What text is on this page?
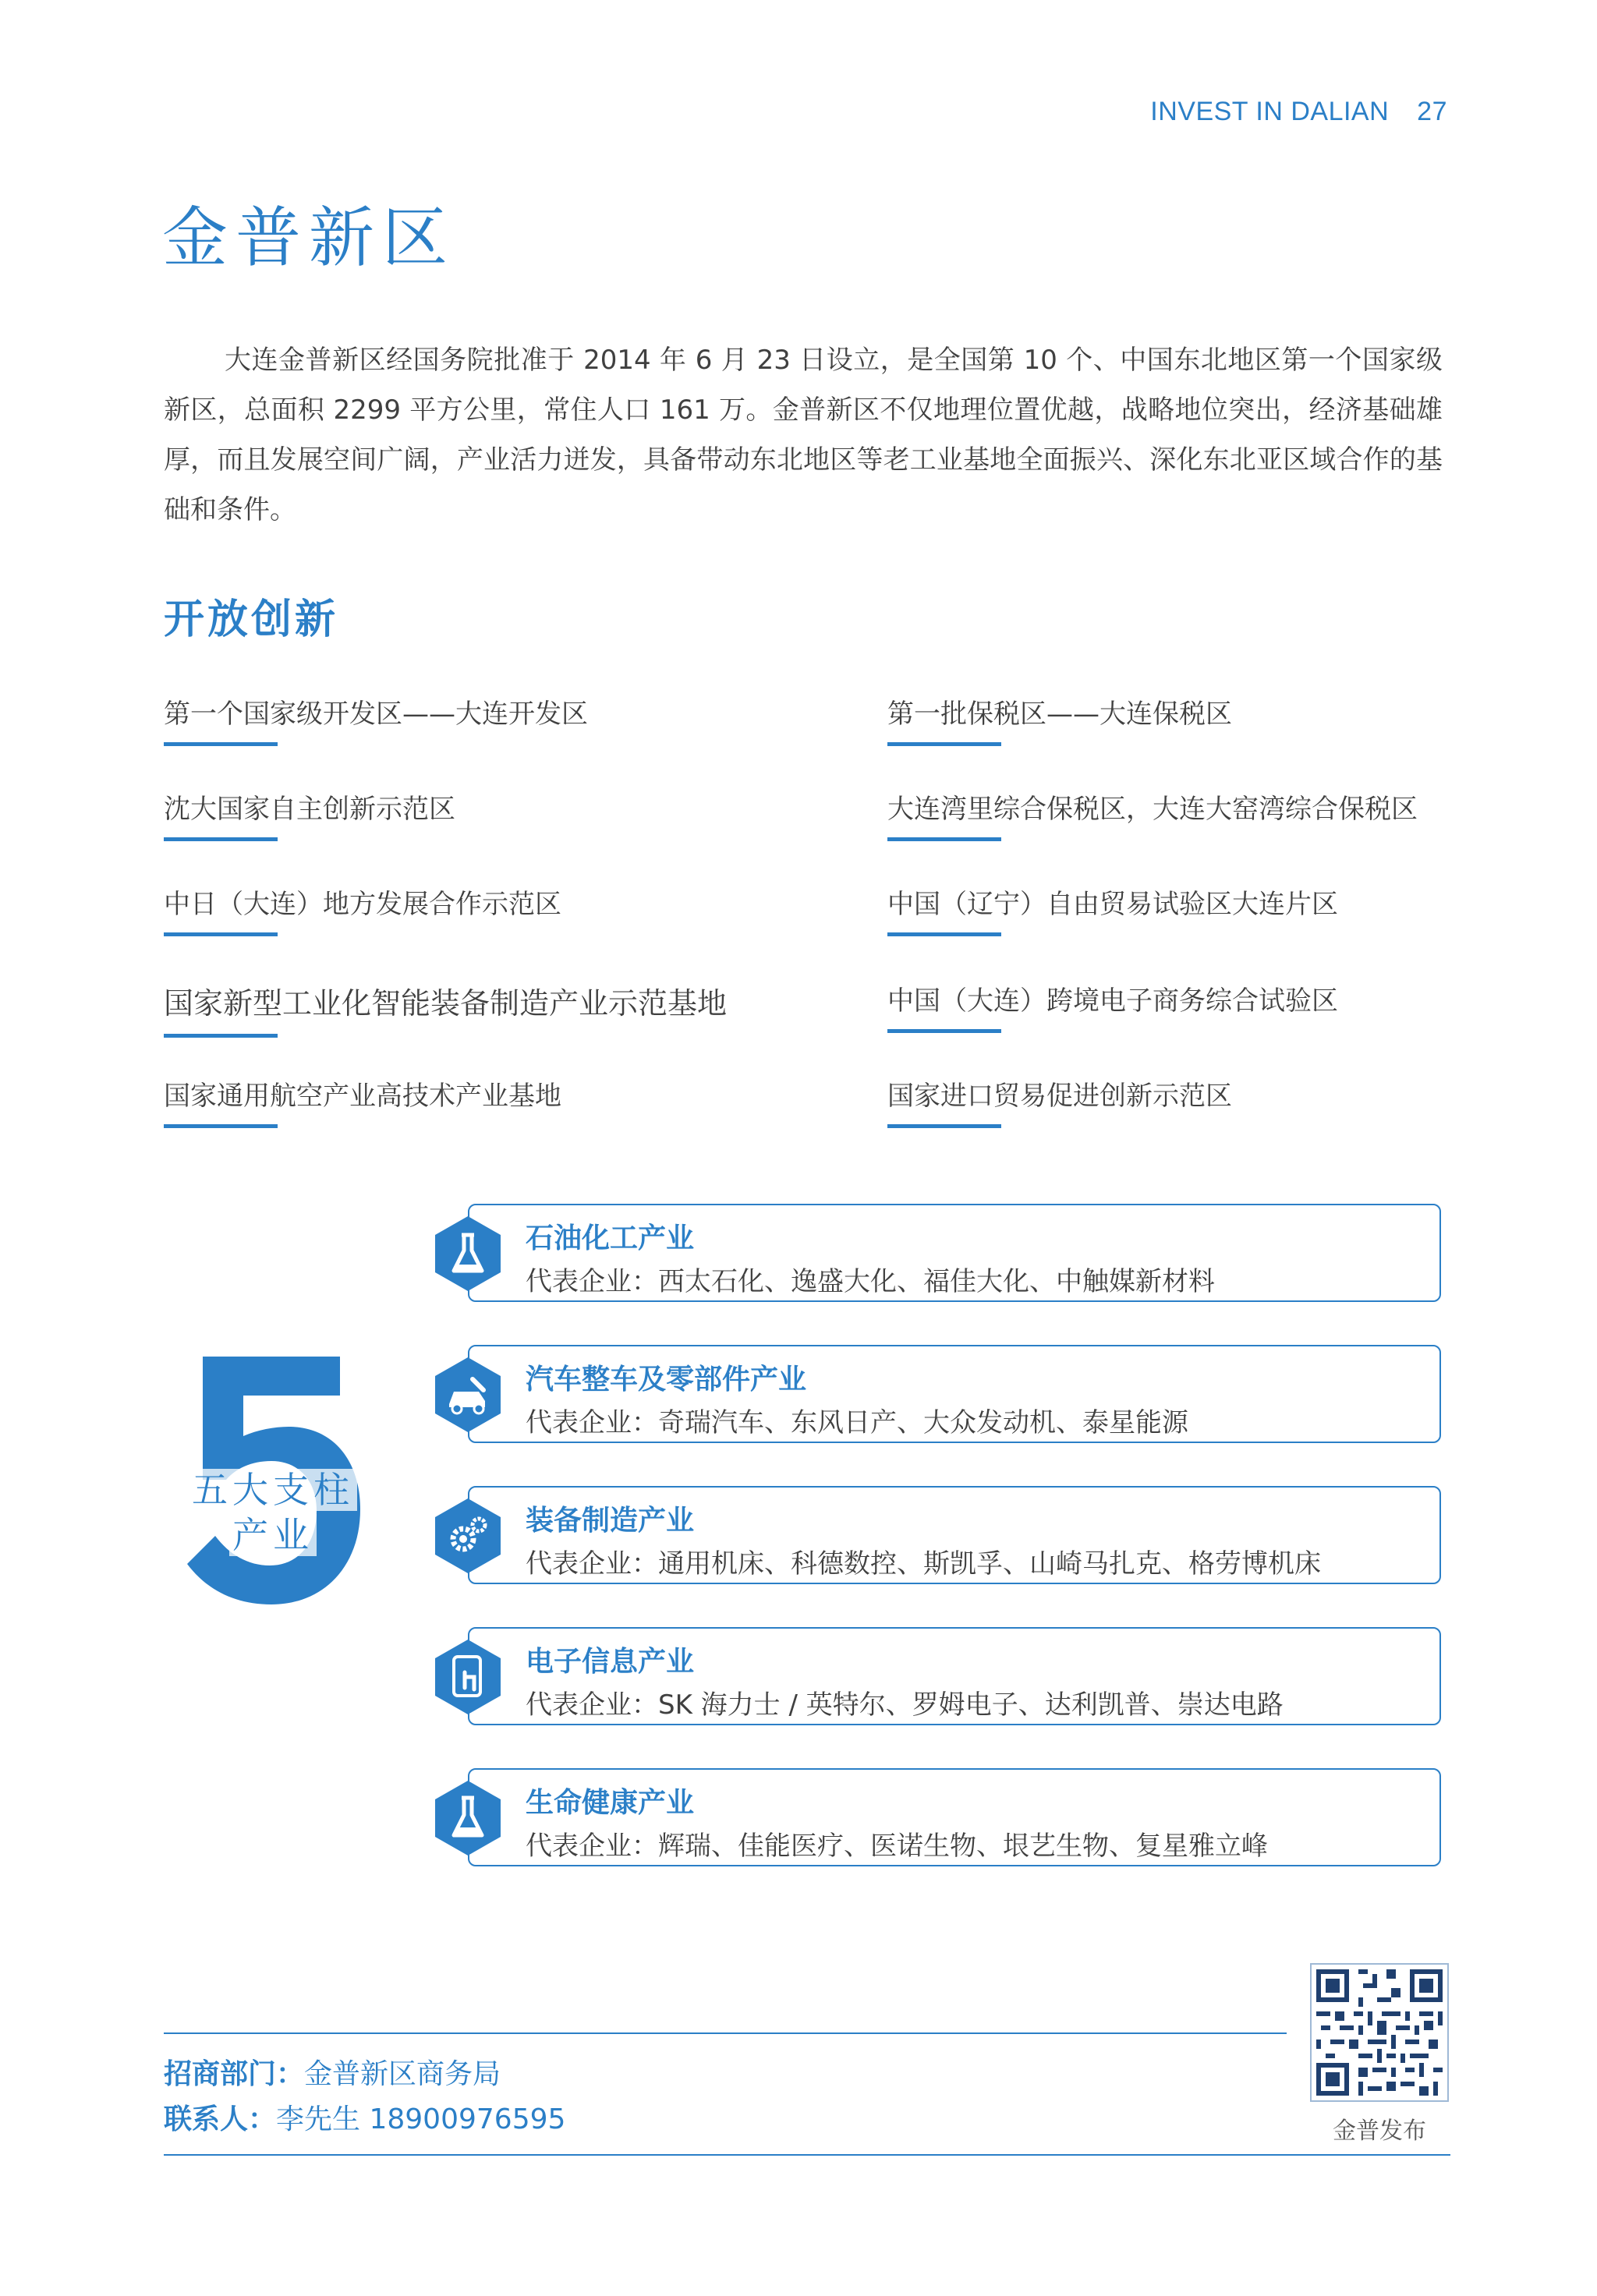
INVEST IN DALIAN 27
金普新区

大连金普新区经国务院批准于 2014 年 6 月 23 日设立，是全国第 10 个、中国东北地区第一个国家级新区，总面积 2299 平方公里，常住人口 161 万。金普新区不仅地理位置优越，战略地位突出，经济基础雄厚，而且发展空间广阔，产业活力迸发，具备带动东北地区等老工业基地全面振兴、深化东北亚区域合作的基础和条件。

开放创新
第一个国家级开发区——大连开发区
沈大国家自主创新示范区
中日（大连）地方发展合作示范区
国家新型工业化智能装备制造产业示范基地
国家通用航空产业高技术产业基地
第一批保税区——大连保税区
大连湾里综合保税区，大连大窑湾综合保税区
中国（辽宁）自由贸易试验区大连片区
中国（大连）跨境电子商务综合试验区
国家进口贸易促进创新示范区
五大支柱
产业
石油化工产业
代表企业：西太石化、逸盛大化、福佳大化、中触媒新材料
汽车整车及零部件产业
代表企业：奇瑞汽车、东风日产、大众发动机、泰星能源
装备制造产业
代表企业：通用机床、科德数控、斯凯孚、山崎马扎克、格劳博机床
电子信息产业
代表企业：SK 海力士 / 英特尔、罗姆电子、达利凯普、崇达电路
生命健康产业
代表企业：辉瑞、佳能医疗、医诺生物、垠艺生物、复星雅立峰
招商部门：金普新区商务局
联系人：李先生 18900976595	金普发布
